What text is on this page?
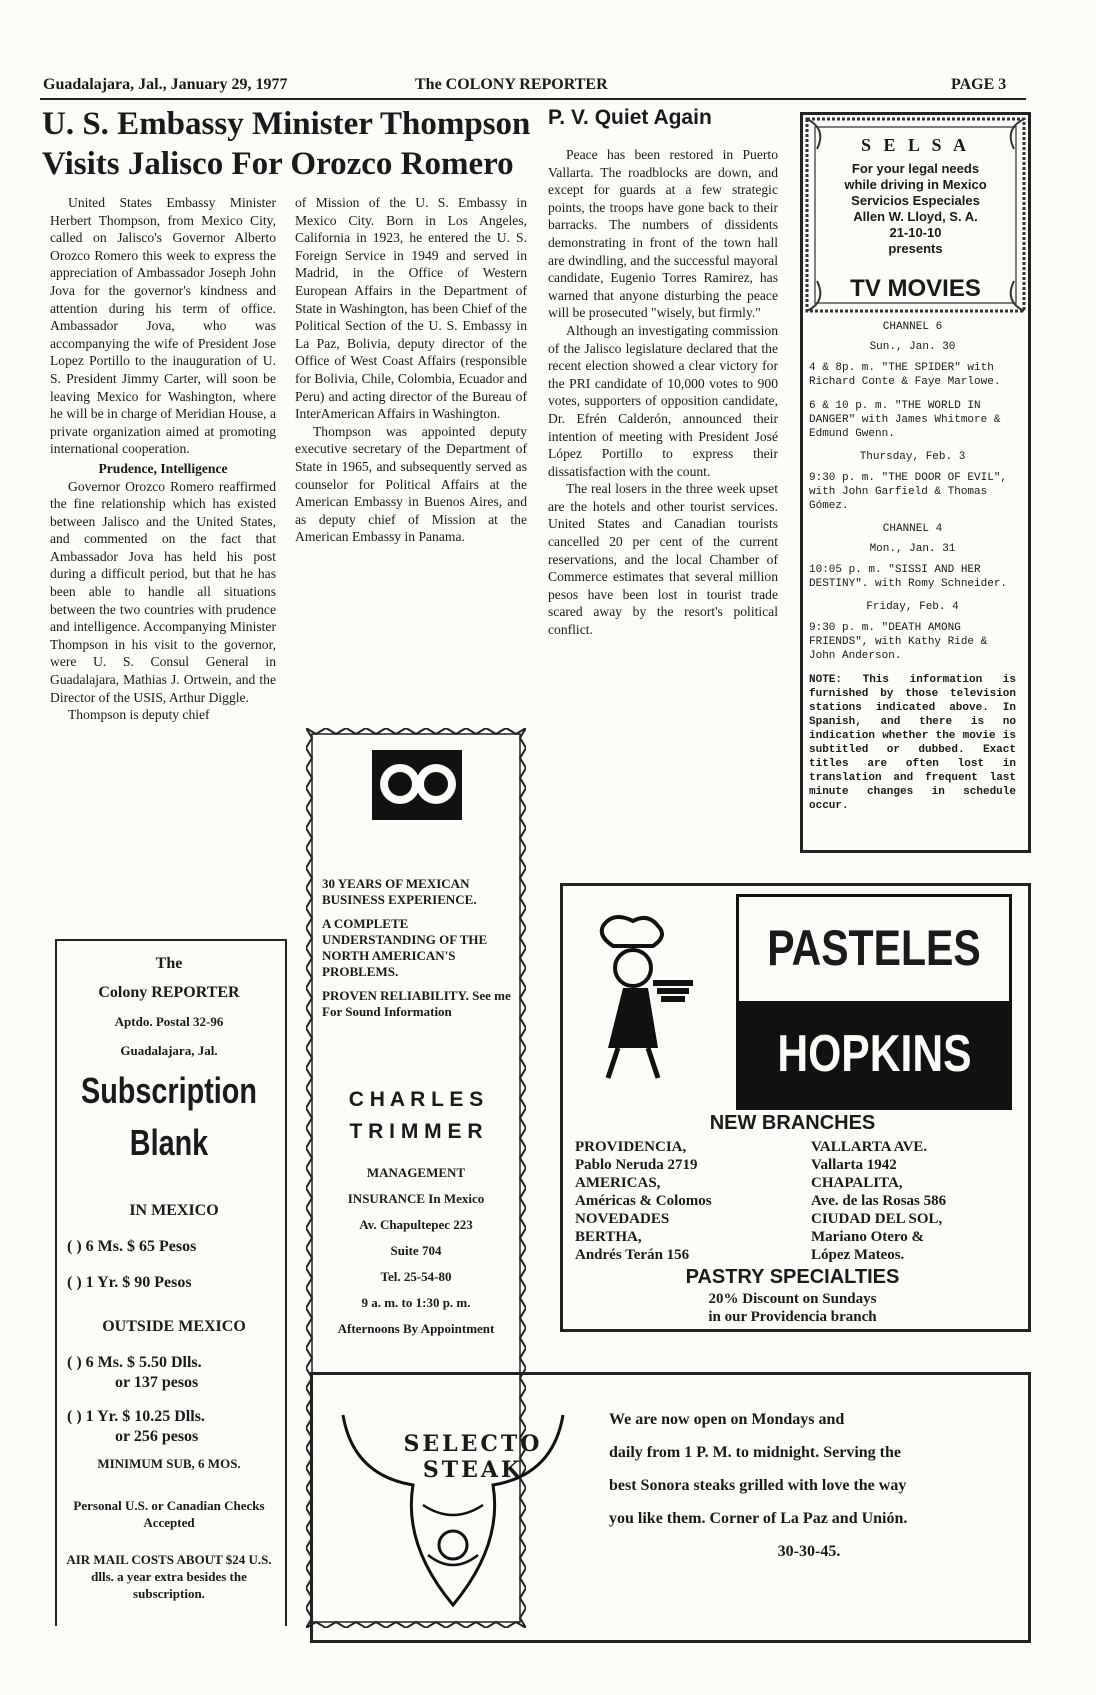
Guadalajara, Jal., January 29, 1977	The COLONY REPORTER	PAGE 3
U. S. Embassy Minister Thompson
Visits Jalisco For Orozco Romero

United States Embassy Minister Herbert Thompson, from Mexico City, called on Jalisco's Governor Alberto Orozco Romero this week to express the appreciation of Ambassador Joseph John Jova for the governor's kindness and attention during his term of office. Ambassador Jova, who was accompanying the wife of President Jose Lopez Portillo to the inauguration of U. S. President Jimmy Carter, will soon be leaving Mexico for Washington, where he will be in charge of Meridian House, a private organization aimed at promoting international cooperation.

Prudence, Intelligence

Governor Orozco Romero reaffirmed the fine relationship which has existed between Jalisco and the United States, and commented on the fact that Ambassador Jova has held his post during a difficult period, but that he has been able to handle all situations between the two countries with prudence and intelligence. Accompanying Minister Thompson in his visit to the governor, were U. S. Consul General in Guadalajara, Mathias J. Ortwein, and the Director of the USIS, Arthur Diggle.

Thompson is deputy chief

of Mission of the U. S. Embassy in Mexico City. Born in Los Angeles, California in 1923, he entered the U. S. Foreign Service in 1949 and served in Madrid, in the Office of Western European Affairs in the Department of State in Washington, has been Chief of the Political Section of the U. S. Embassy in La Paz, Bolivia, deputy director of the Office of West Coast Affairs (responsible for Bolivia, Chile, Colombia, Ecuador and Peru) and acting director of the Bureau of InterAmerican Affairs in Washington.

Thompson was appointed deputy executive secretary of the Department of State in 1965, and subsequently served as counselor for Political Affairs at the American Embassy in Buenos Aires, and as deputy chief of Mission at the American Embassy in Panama.

P. V. Quiet Again

Peace has been restored in Puerto Vallarta. The roadblocks are down, and except for guards at a few strategic points, the troops have gone back to their barracks. The numbers of dissidents demonstrating in front of the town hall are dwindling, and the successful mayoral candidate, Eugenio Torres Ramirez, has warned that anyone disturbing the peace will be prosecuted "wisely, but firmly."

Although an investigating commission of the Jalisco legislature declared that the recent election showed a clear victory for the PRI candidate of 10,000 votes to 900 votes, supporters of opposition candidate, Dr. Efrén Calderón, announced their intention of meeting with President José López Portillo to express their dissatisfaction with the count.

The real losers in the three week upset are the hotels and other tourist services. United States and Canadian tourists cancelled 20 per cent of the current reservations, and the local Chamber of Commerce estimates that several million pesos have been lost in tourist trade scared away by the resort's political conflict.

S E L S A
For your legal needs
while driving in Mexico
Servicios Especiales
Allen W. Lloyd, S. A.
21-10-10
presents
TV MOVIES
CHANNEL 6
Sun., Jan. 30
4 & 8p. m. "THE SPIDER" with Richard Conte & Faye Marlowe.
6 & 10 p. m. "THE WORLD IN DANGER" with James Whitmore & Edmund Gwenn.
Thursday, Feb. 3
9:30 p. m. "THE DOOR OF EVIL", with John Garfield & Thomas Gómez.
CHANNEL 4
Mon., Jan. 31
10:05 p. m. "SISSI AND HER DESTINY". with Romy Schneider.
Friday, Feb. 4
9:30 p. m. "DEATH AMONG FRIENDS", with Kathy Ride & John Anderson.
NOTE: This information is furnished by those television stations indicated above. In Spanish, and there is no indication whether the movie is subtitled or dubbed. Exact titles are often lost in translation and frequent last minute changes in schedule occur.
The
Colony REPORTER
Aptdo. Postal 32-96
Guadalajara, Jal.
Subscription
Blank
IN MEXICO
( ) 6 Ms. $ 65 Pesos
( ) 1 Yr. $ 90 Pesos
OUTSIDE MEXICO
( ) 6 Ms. $ 5.50 Dlls.
or 137 pesos
( ) 1 Yr. $ 10.25 Dlls.
or 256 pesos
MINIMUM SUB, 6 MOS.
Personal U.S. or Canadian Checks Accepted
AIR MAIL COSTS ABOUT $24 U.S. dlls. a year extra besides the subscription.
30 YEARS OF MEXICAN BUSINESS EXPERIENCE.
A COMPLETE UNDERSTANDING OF THE NORTH AMERICAN'S PROBLEMS.
PROVEN RELIABILITY. See me For Sound Information
C H A R L E S
T R I M M E R
MANAGEMENT
INSURANCE In Mexico
Av. Chapultepec 223
Suite 704
Tel. 25-54-80
9 a. m. to 1:30 p. m.
Afternoons By Appointment
PASTELES
HOPKINS
NEW BRANCHES
PROVIDENCIA,
Pablo Neruda 2719
AMERICAS,
Américas & Colomos
NOVEDADES
BERTHA,
Andrés Terán 156
VALLARTA AVE.
Vallarta 1942
CHAPALITA,
Ave. de las Rosas 586
CIUDAD DEL SOL,
Mariano Otero &
López Mateos.
PASTRY SPECIALTIES
20% Discount on Sundays
in our Providencia branch
SELECTO STEAK
We are now open on Mondays and
daily from 1 P. M. to midnight. Serving the
best Sonora steaks grilled with love the way
you like them. Corner of La Paz and Unión.
30-30-45.
